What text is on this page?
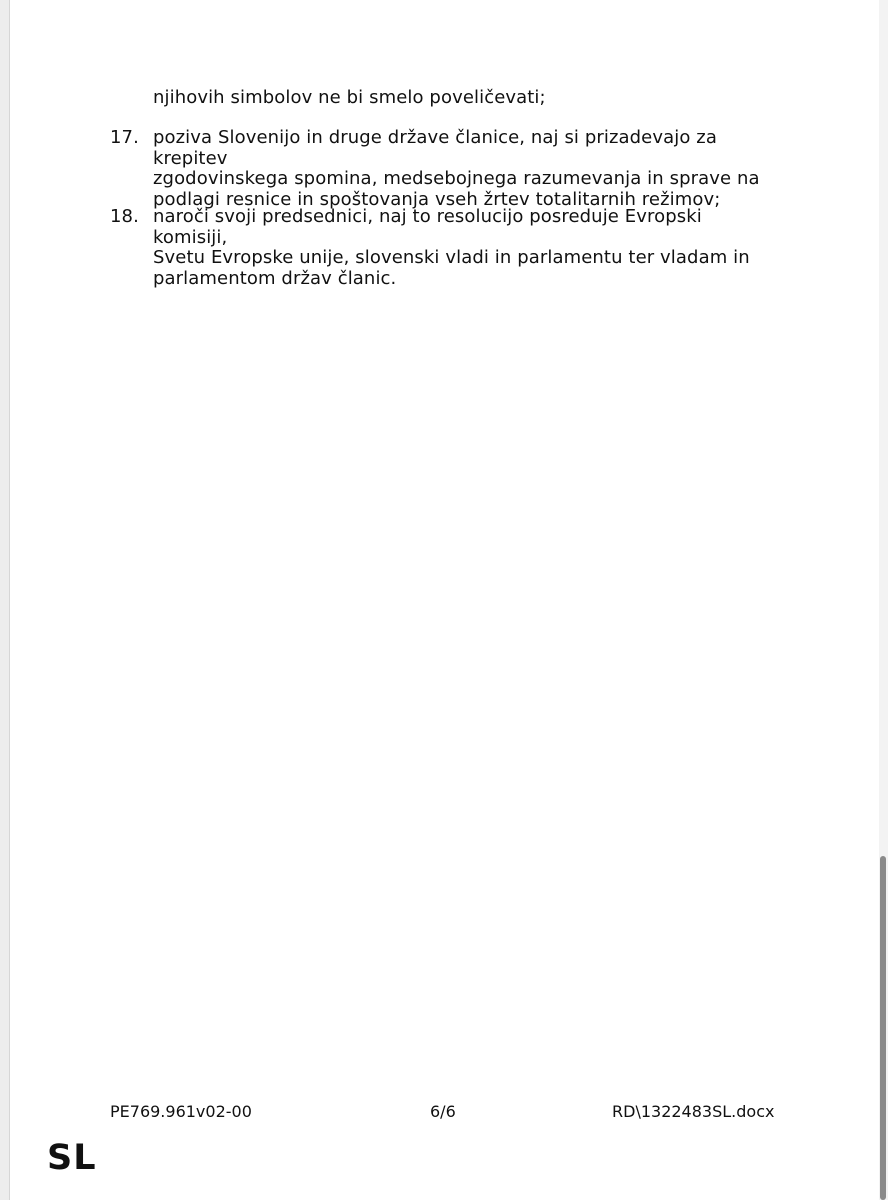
njihovih simbolov ne bi smelo poveličevati;
17. poziva Slovenijo in druge države članice, naj si prizadevajo za krepitev
zgodovinskega spomina, medsebojnega razumevanja in sprave na
podlagi resnice in spoštovanja vseh žrtev totalitarnih režimov;
18. naroči svoji predsednici, naj to resolucijo posreduje Evropski komisiji,
Svetu Evropske unije, slovenski vladi in parlamentu ter vladam in
parlamentom držav članic.
PE769.961v02-00	6/6	RD\1322483SL.docx
SL
